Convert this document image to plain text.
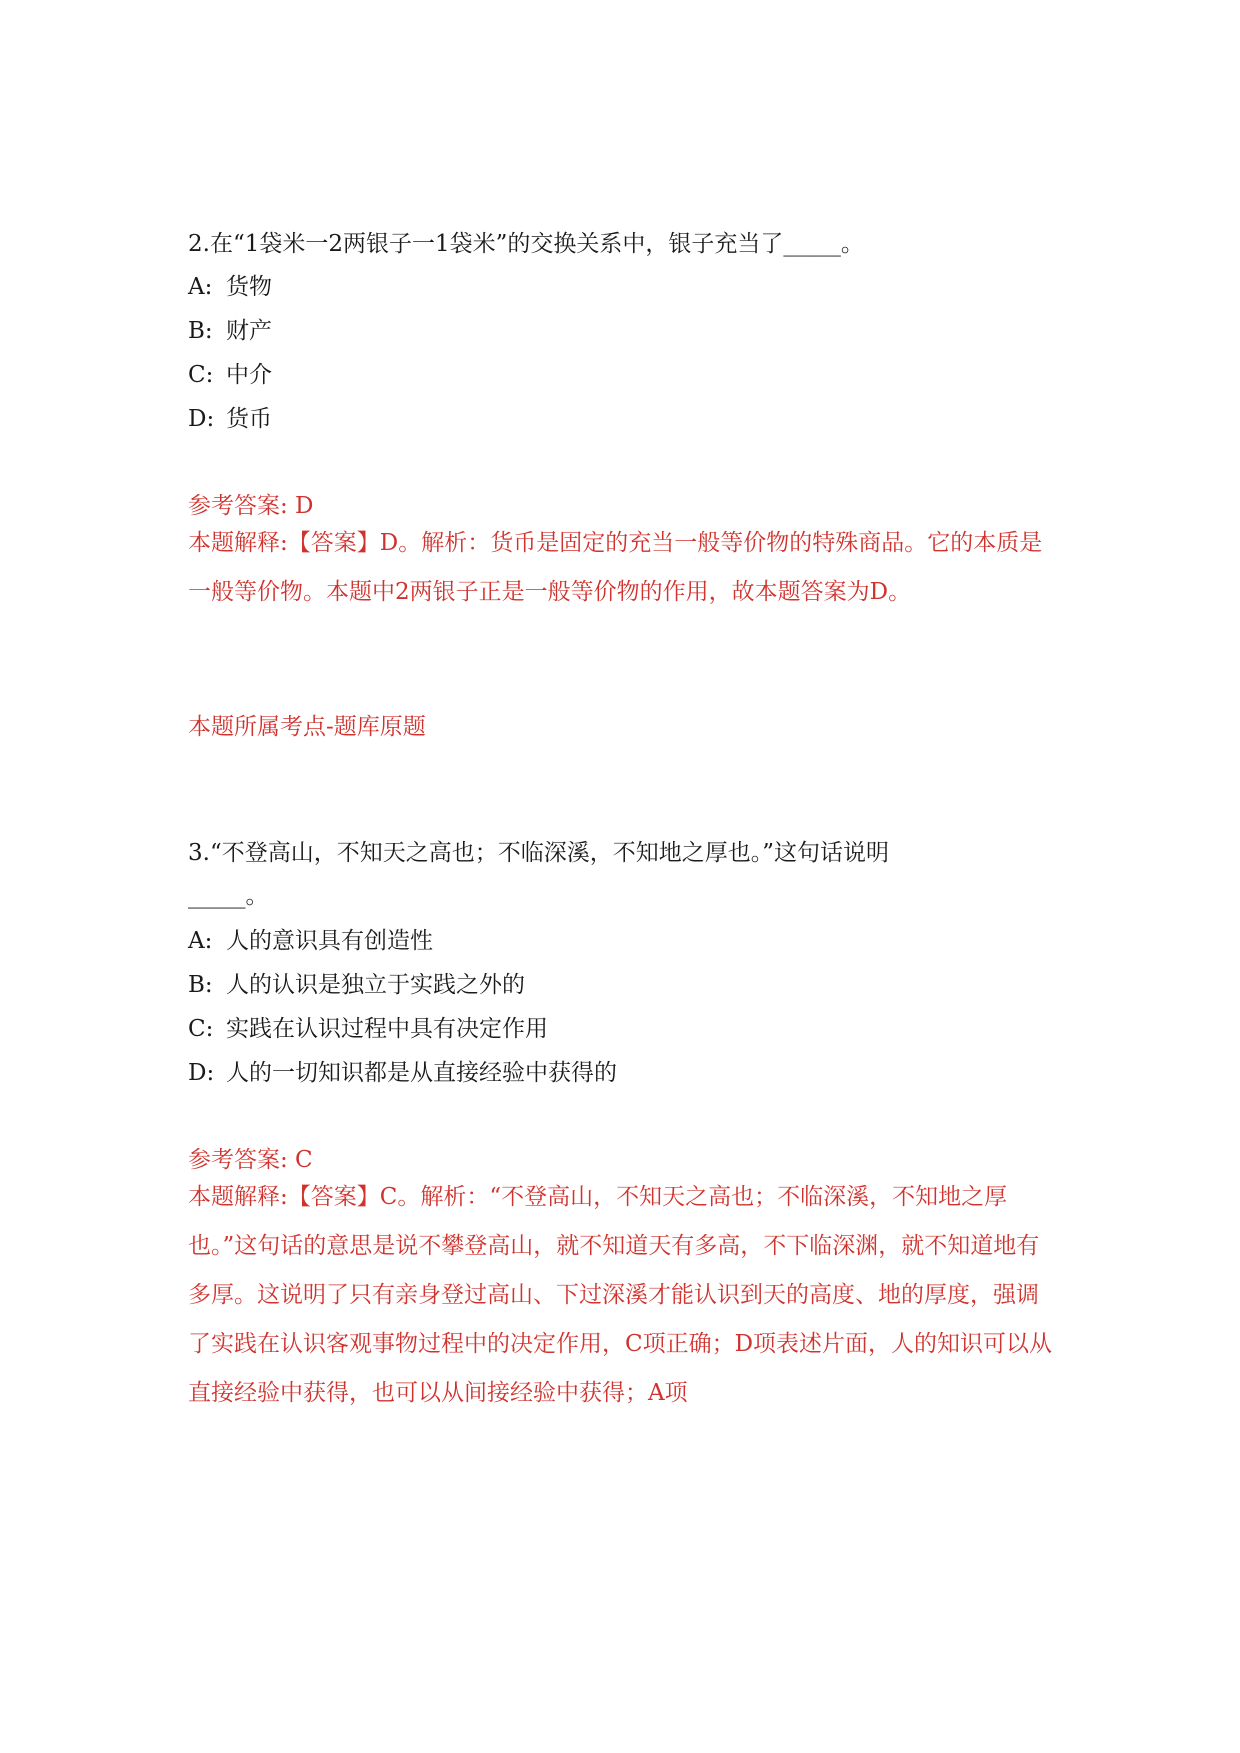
2.在“1袋米一2两银子一1袋米”的交换关系中，银子充当了_____。
A: 货物
B: 财产
C: 中介
D: 货币
参考答案: D
本题解释:【答案】D。解析：货币是固定的充当一般等价物的特殊商品。它的本质是一般等价物。本题中2两银子正是一般等价物的作用，故本题答案为D。
本题所属考点-题库原题
3.“不登高山，不知天之高也；不临深溪，不知地之厚也。”这句话说明
_____。
A: 人的意识具有创造性
B: 人的认识是独立于实践之外的
C: 实践在认识过程中具有决定作用
D: 人的一切知识都是从直接经验中获得的
参考答案: C
本题解释:【答案】C。解析：“不登高山，不知天之高也；不临深溪，不知地之厚也。”这句话的意思是说不攀登高山，就不知道天有多高，不下临深渊，就不知道地有多厚。这说明了只有亲身登过高山、下过深溪才能认识到天的高度、地的厚度，强调了实践在认识客观事物过程中的决定作用，C项正确；D项表述片面，人的知识可以从直接经验中获得，也可以从间接经验中获得；A项
